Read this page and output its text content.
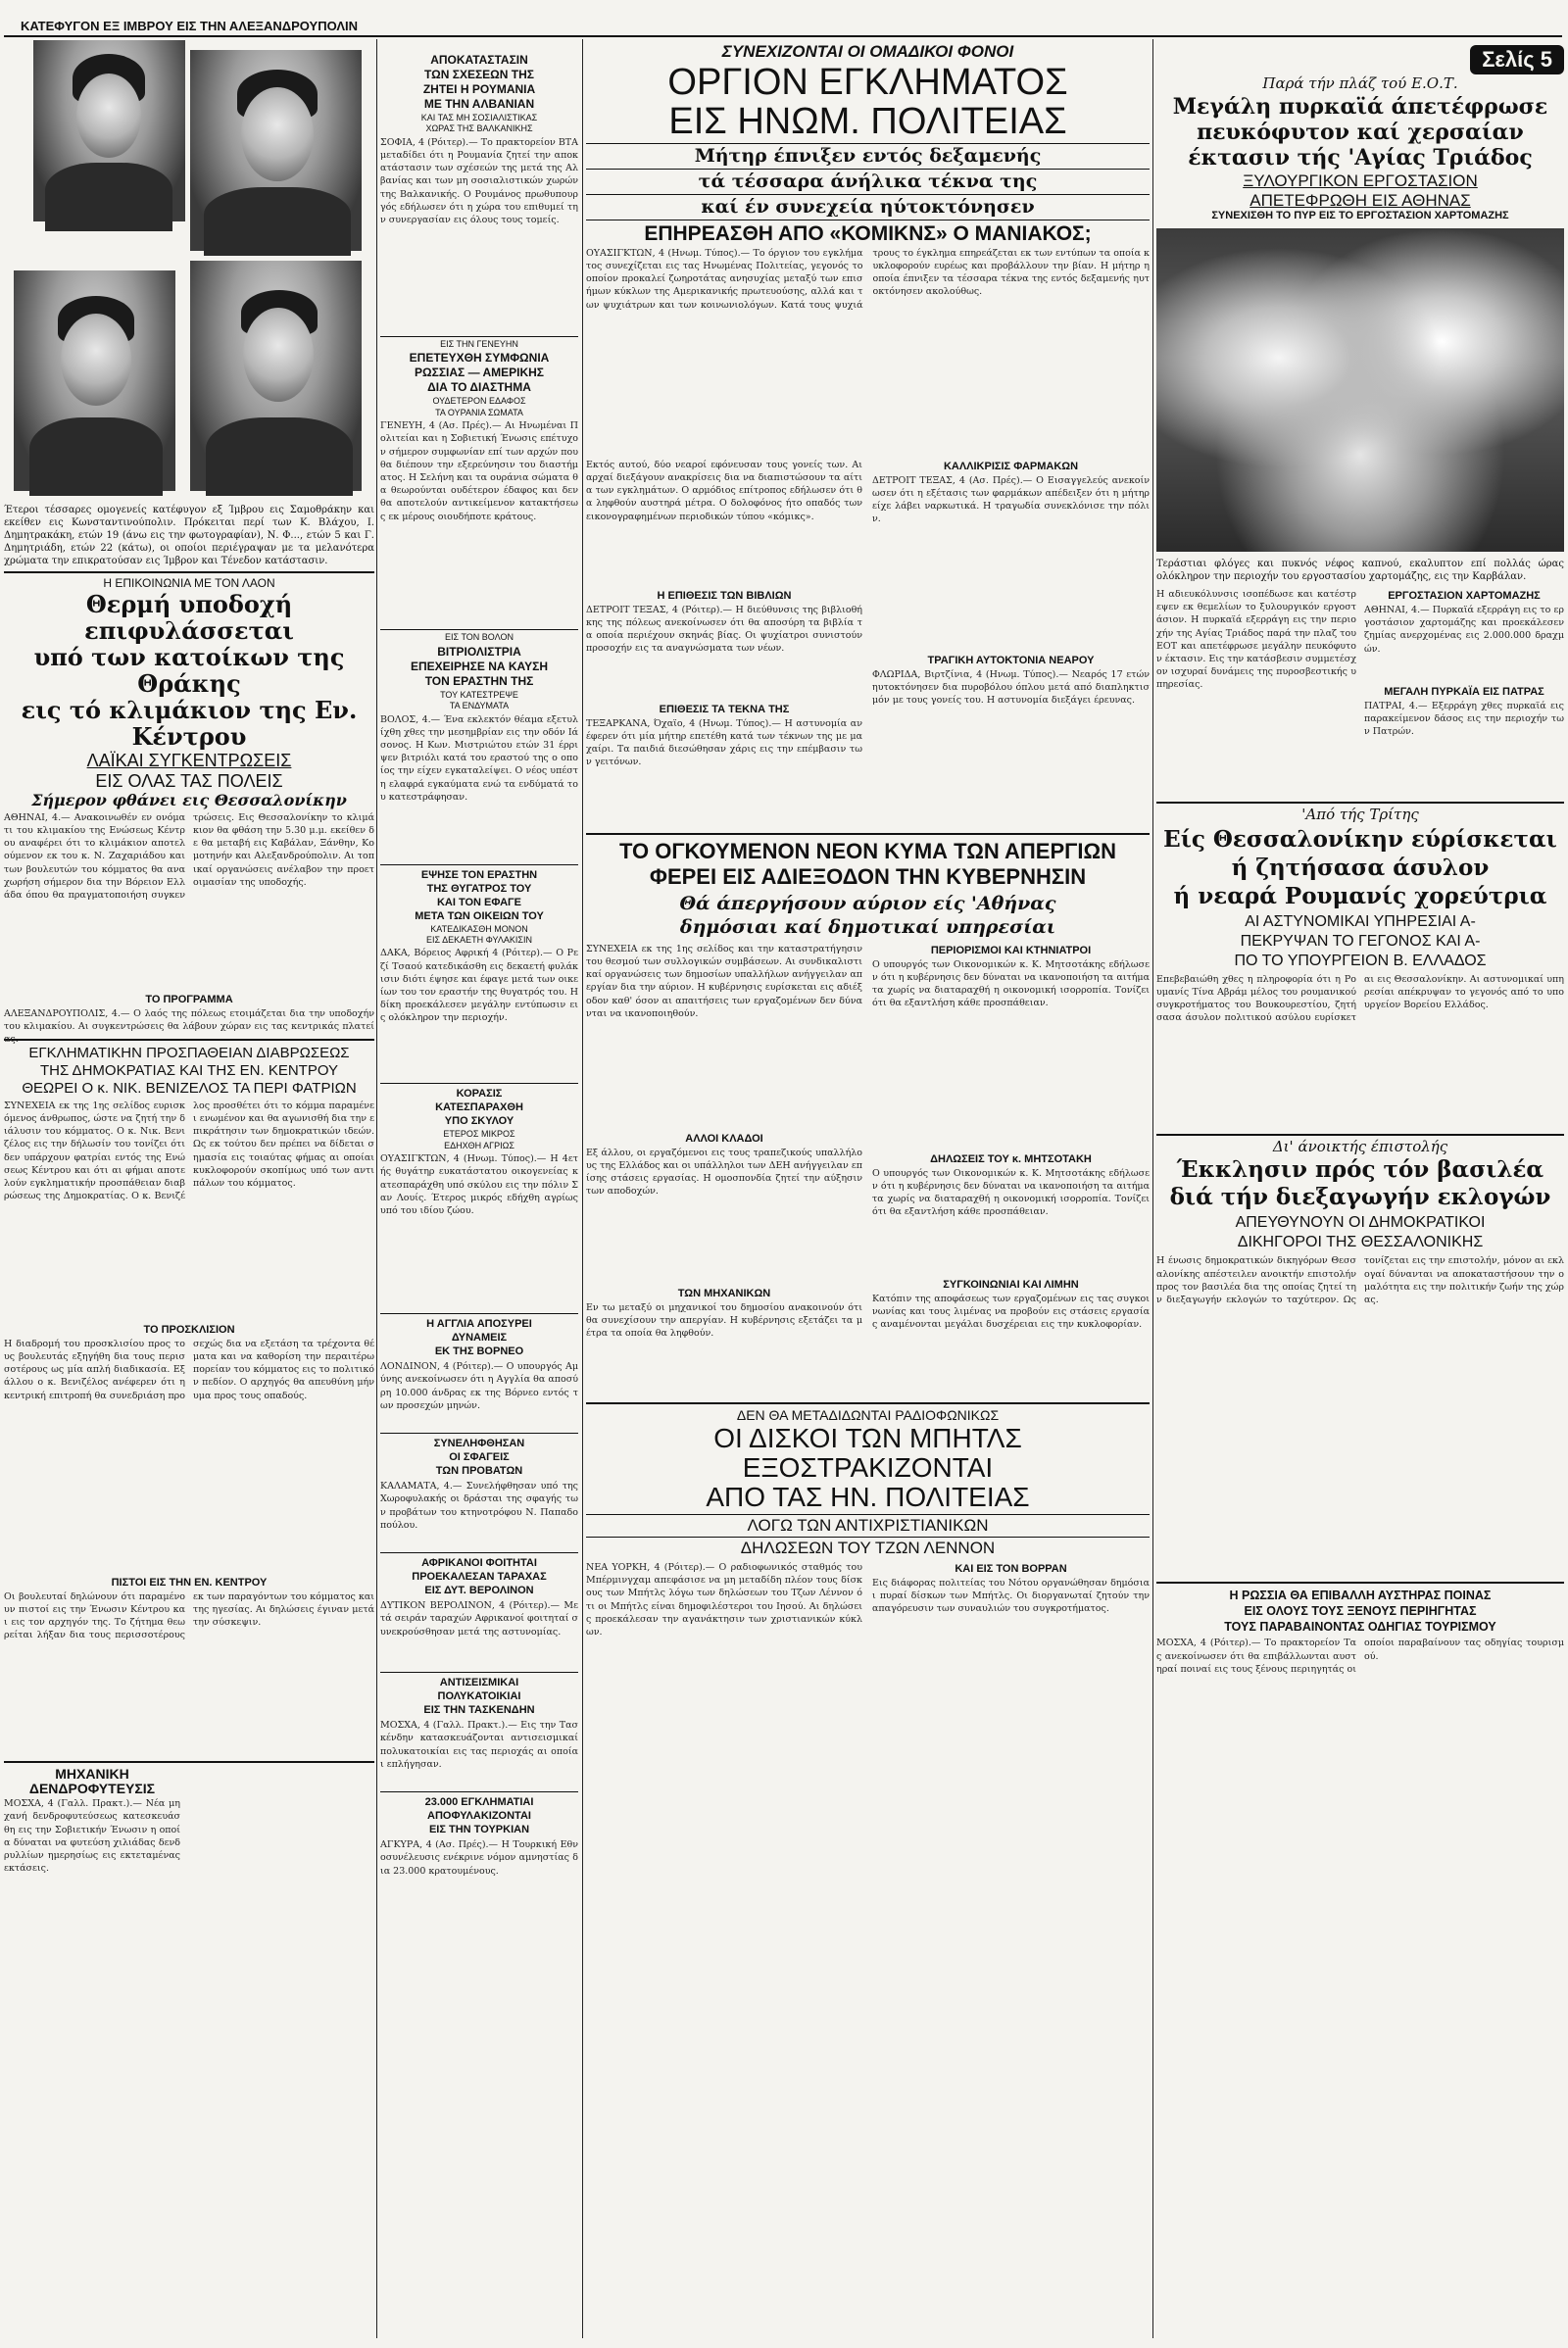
ΚΑΤΕΦΥΓΟΝ ΕΞ ΙΜΒΡΟΥ ΕΙΣ ΤΗΝ ΑΛΕΞΑΝΔΡΟΥΠΟΛΙΝ
Έτεροι τέσσαρες ομογενείς κατέφυγον εξ Ίμβρου εις Σαμοθράκην και εκείθεν εις Κωνσταντινούπολιν. Πρόκειται περί των Κ. Βλάχου, Ι. Δημητρακάκη, ετών 19 (άνω εις την φωτογραφίαν), Ν. Φ..., ετών 5 και Γ. Δημητριάδη, ετών 22 (κάτω), οι οποίοι περιέγραψαν με τα μελανότερα χρώματα την επικρατούσαν εις Ίμβρον και Τένεδον κατάστασιν.
Η ΕΠΙΚΟΙΝΩΝΙΑ ΜΕ ΤΟΝ ΛΑΟΝ
Θερμή υποδοχή επιφυλάσσεται
υπό των κατοίκων της Θράκης
εις τό κλιμάκιον της Εν. Κέντρου
ΛΑΪΚΑΙ ΣΥΓΚΕΝΤΡΩΣΕΙΣ
ΕΙΣ ΟΛΑΣ ΤΑΣ ΠΟΛΕΙΣ
Σήμερον φθάνει εις Θεσσαλονίκην
ΑΘΗΝΑΙ, 4.— Ανακοινωθέν εν ονόματι του κλιμακίου της Ενώσεως Κέντρου αναφέρει ότι το κλιμάκιον αποτελούμενον εκ του κ. Ν. Ζαχαριάδου και των βουλευτών του κόμματος θα αναχωρήση σήμερον δια την Βόρειον Ελλάδα όπου θα πραγματοποιήση συγκεντρώσεις. Εις Θεσσαλονίκην το κλιμάκιον θα φθάση την 5.30 μ.μ. εκείθεν δε θα μεταβή εις Καβάλαν, Ξάνθην, Κομοτηνήν και Αλεξανδρούπολιν. Αι τοπικαί οργανώσεις ανέλαβον την προετοιμασίαν της υποδοχής.
ΤΟ ΠΡΟΓΡΑΜΜΑ
ΑΛΕΞΑΝΔΡΟΥΠΟΛΙΣ, 4.— Ο λαός της πόλεως ετοιμάζεται δια την υποδοχήν του κλιμακίου. Αι συγκεντρώσεις θα λάβουν χώραν εις τας κεντρικάς πλατείας.
ΕΓΚΛΗΜΑΤΙΚΗΝ ΠΡΟΣΠΑΘΕΙΑΝ ΔΙΑΒΡΩΣΕΩΣ
ΤΗΣ ΔΗΜΟΚΡΑΤΙΑΣ ΚΑΙ ΤΗΣ ΕΝ. ΚΕΝΤΡΟΥ
ΘΕΩΡΕΙ Ο κ. ΝΙΚ. ΒΕΝΙΖΕΛΟΣ ΤΑ ΠΕΡΙ ΦΑΤΡΙΩΝ
ΣΥΝΕΧΕΙΑ εκ της 1ης σελίδος ευρισκόμενος άνθρωπος, ώστε να ζητή την διάλυσιν του κόμματος. Ο κ. Νικ. Βενιζέλος εις την δήλωσίν του τονίζει ότι δεν υπάρχουν φατρίαι εντός της Ενώσεως Κέντρου και ότι αι φήμαι αποτελούν εγκληματικήν προσπάθειαν διαβρώσεως της Δημοκρατίας. Ο κ. Βενιζέλος προσθέτει ότι το κόμμα παραμένει ενωμένον και θα αγωνισθή δια την επικράτησιν των δημοκρατικών ιδεών. Ως εκ τούτου δεν πρέπει να δίδεται σημασία εις τοιαύτας φήμας αι οποίαι κυκλοφορούν σκοπίμως υπό των αντιπάλων του κόμματος.
ΤΟ ΠΡΟΣΚΛΙΣΙΟΝ
Η διαδρομή του προσκλισίου προς τους βουλευτάς εξηγήθη δια τους περισσοτέρους ως μία απλή διαδικασία. Εξ άλλου ο κ. Βενιζέλος ανέφερεν ότι η κεντρική επιτροπή θα συνεδριάση προσεχώς δια να εξετάση τα τρέχοντα θέματα και να καθορίση την περαιτέρω πορείαν του κόμματος εις το πολιτικόν πεδίον. Ο αρχηγός θα απευθύνη μήνυμα προς τους οπαδούς.
ΠΙΣΤΟΙ ΕΙΣ ΤΗΝ ΕΝ. ΚΕΝΤΡΟΥ
Οι βουλευταί δηλώνουν ότι παραμένουν πιστοί εις την Ένωσιν Κέντρου και εις τον αρχηγόν της. Το ζήτημα θεωρείται λήξαν δια τους περισσοτέρους εκ των παραγόντων του κόμματος και της ηγεσίας. Αι δηλώσεις έγιναν μετά την σύσκεψιν.
ΜΗΧΑΝΙΚΗ
ΔΕΝΔΡΟΦΥΤΕΥΣΙΣ
ΜΟΣΧΑ, 4 (Γαλλ. Πρακτ.).— Νέα μηχανή δενδροφυτεύσεως κατεσκευάσθη εις την Σοβιετικήν Ένωσιν η οποία δύναται να φυτεύση χιλιάδας δενδρυλλίων ημερησίως εις εκτεταμένας εκτάσεις.
ΑΠΟΚΑΤΑΣΤΑΣΙΝ
ΤΩΝ ΣΧΕΣΕΩΝ ΤΗΣ
ΖΗΤΕΙ Η ΡΟΥΜΑΝΙΑ
ΜΕ ΤΗΝ ΑΛΒΑΝΙΑΝ
ΚΑΙ ΤΑΣ ΜΗ ΣΟΣΙΑΛΙΣΤΙΚΑΣ
ΧΩΡΑΣ ΤΗΣ ΒΑΛΚΑΝΙΚΗΣ
ΣΟΦΙΑ, 4 (Ρόιτερ).— Το πρακτορείον ΒΤΑ μεταδίδει ότι η Ρουμανία ζητεί την αποκατάστασιν των σχέσεών της μετά της Αλβανίας και των μη σοσιαλιστικών χωρών της Βαλκανικής. Ο Ρουμάνος πρωθυπουργός εδήλωσεν ότι η χώρα του επιθυμεί την συνεργασίαν εις όλους τους τομείς.
ΕΙΣ ΤΗΝ ΓΕΝΕΥΗΝ
ΕΠΕΤΕΥΧΘΗ ΣΥΜΦΩΝΙΑ
ΡΩΣΣΙΑΣ — ΑΜΕΡΙΚΗΣ
ΔΙΑ ΤΟ ΔΙΑΣΤΗΜΑ
ΟΥΔΕΤΕΡΟΝ ΕΔΑΦΟΣ
ΤΑ ΟΥΡΑΝΙΑ ΣΩΜΑΤΑ
ΓΕΝΕΥΗ, 4 (Ασ. Πρές).— Αι Ηνωμέναι Πολιτείαι και η Σοβιετική Ένωσις επέτυχον σήμερον συμφωνίαν επί των αρχών που θα διέπουν την εξερεύνησιν του διαστήματος. Η Σελήνη και τα ουράνια σώματα θα θεωρούνται ουδέτερον έδαφος και δεν θα αποτελούν αντικείμενον κατακτήσεως εκ μέρους οιουδήποτε κράτους.
ΕΙΣ ΤΟΝ ΒΟΛΟΝ
ΒΙΤΡΙΟΛΙΣΤΡΙΑ
ΕΠΕΧΕΙΡΗΣΕ ΝΑ ΚΑΥΣΗ
ΤΟΝ ΕΡΑΣΤΗΝ ΤΗΣ
ΤΟΥ ΚΑΤΕΣΤΡΕΨΕ
ΤΑ ΕΝΔΥΜΑΤΑ
ΒΟΛΟΣ, 4.— Ένα εκλεκτόν θέαμα εξετυλίχθη χθες την μεσημβρίαν εις την οδόν Ιάσονος. Η Κων. Μιστριώτου ετών 31 έρριψεν βιτριόλι κατά του εραστού της ο οποίος την είχεν εγκαταλείψει. Ο νέος υπέστη ελαφρά εγκαύματα ενώ τα ενδύματά του κατεστράφησαν.
ΕΨΗΣΕ ΤΟΝ ΕΡΑΣΤΗΝ
ΤΗΣ ΘΥΓΑΤΡΟΣ ΤΟΥ
ΚΑΙ ΤΟΝ ΕΦΑΓΕ
ΜΕΤΑ ΤΩΝ ΟΙΚΕΙΩΝ ΤΟΥ
ΚΑΤΕΔΙΚΑΣΘΗ ΜΟΝΟΝ
ΕΙΣ ΔΕΚΑΕΤΗ ΦΥΛΑΚΙΣΙΝ
ΔΑΚΑ, Βόρειος Αφρική 4 (Ρόιτερ).— Ο Ρεζί Τσαού κατεδικάσθη εις δεκαετή φυλάκισιν διότι έψησε και έφαγε μετά των οικείων του τον εραστήν της θυγατρός του. Η δίκη προεκάλεσεν μεγάλην εντύπωσιν εις ολόκληρον την περιοχήν.
ΚΟΡΑΣΙΣ
ΚΑΤΕΣΠΑΡΑΧΘΗ
ΥΠΟ ΣΚΥΛΟΥ
ΕΤΕΡΟΣ ΜΙΚΡΟΣ
ΕΔΗΧΘΗ ΑΓΡΙΩΣ
ΟΥΑΣΙΓΚΤΩΝ, 4 (Ηνωμ. Τύπος).— Η 4ετής θυγάτηρ ευκατάστατου οικογενείας κατεσπαράχθη υπό σκύλου εις την πόλιν Σαν Λουίς. Έτερος μικρός εδήχθη αγρίως υπό του ιδίου ζώου.
Η ΑΓΓΛΙΑ ΑΠΟΣΥΡΕΙ
ΔΥΝΑΜΕΙΣ
ΕΚ ΤΗΣ ΒΟΡΝΕΟ
ΛΟΝΔΙΝΟΝ, 4 (Ρόιτερ).— Ο υπουργός Αμύνης ανεκοίνωσεν ότι η Αγγλία θα αποσύρη 10.000 άνδρας εκ της Βόρνεο εντός των προσεχών μηνών.
ΣΥΝΕΛΗΦΘΗΣΑΝ
ΟΙ ΣΦΑΓΕΙΣ
ΤΩΝ ΠΡΟΒΑΤΩΝ
ΚΑΛΑΜΑΤΑ, 4.— Συνελήφθησαν υπό της Χωροφυλακής οι δράσται της σφαγής των προβάτων του κτηνοτρόφου Ν. Παπαδοπούλου.
ΑΦΡΙΚΑΝΟΙ ΦΟΙΤΗΤΑΙ
ΠΡΟΕΚΑΛΕΣΑΝ ΤΑΡΑΧΑΣ
ΕΙΣ ΔΥΤ. ΒΕΡΟΛΙΝΟΝ
ΔΥΤΙΚΟΝ ΒΕΡΟΛΙΝΟΝ, 4 (Ρόιτερ).— Μετά σειράν ταραχών Αφρικανοί φοιτηταί συνεκρούσθησαν μετά της αστυνομίας.
ΑΝΤΙΣΕΙΣΜΙΚΑΙ
ΠΟΛΥΚΑΤΟΙΚΙΑΙ
ΕΙΣ ΤΗΝ ΤΑΣΚΕΝΔΗΝ
ΜΟΣΧΑ, 4 (Γαλλ. Πρακτ.).— Εις την Τασκένδην κατασκευάζονται αντισεισμικαί πολυκατοικίαι εις τας περιοχάς αι οποίαι επλήγησαν.
23.000 ΕΓΚΛΗΜΑΤΙΑΙ
ΑΠΟΦΥΛΑΚΙΖΟΝΤΑΙ
ΕΙΣ ΤΗΝ ΤΟΥΡΚΙΑΝ
ΑΓΚΥΡΑ, 4 (Ασ. Πρές).— Η Τουρκική Εθνοσυνέλευσις ενέκρινε νόμον αμνηστίας δια 23.000 κρατουμένους.
ΣΥΝΕΧΙΖΟΝΤΑΙ ΟΙ ΟΜΑΔΙΚΟΙ ΦΟΝΟΙ
ΟΡΓΙΟΝ ΕΓΚΛΗΜΑΤΟΣ
ΕΙΣ ΗΝΩΜ. ΠΟΛΙΤΕΙΑΣ
Μήτηρ έπνιξεν εντός δεξαμενής
τά τέσσαρα άνήλικα τέκνα της
καί έν συνεχεία ηύτοκτόνησεν
ΕΠΗΡΕΑΣΘΗ ΑΠΟ «ΚΟΜΙΚΝΣ» Ο ΜΑΝΙΑΚΟΣ;
ΟΥΑΣΙΓΚΤΩΝ, 4 (Ηνωμ. Τύπος).— Το όργιον του εγκλήματος συνεχίζεται εις τας Ηνωμένας Πολιτείας, γεγονός το οποίον προκαλεί ζωηροτάτας ανησυχίας μεταξύ των επισήμων κύκλων της Αμερικανικής πρωτευούσης, αλλά και των ψυχιάτρων και των κοινωνιολόγων. Κατά τους ψυχιάτρους το έγκλημα επηρεάζεται εκ των εντύπων τα οποία κυκλοφορούν ευρέως και προβάλλουν την βίαν. Η μήτηρ η οποία έπνιξεν τα τέσσαρα τέκνα της εντός δεξαμενής ηυτοκτόνησεν ακολούθως.
Εκτός αυτού, δύο νεαροί εφόνευσαν τους γονείς των. Αι αρχαί διεξάγουν ανακρίσεις δια να διαπιστώσουν τα αίτια των εγκλημάτων. Ο αρμόδιος επίτροπος εδήλωσεν ότι θα ληφθούν αυστηρά μέτρα. Ο δολοφόνος ήτο οπαδός των εικονογραφημένων περιοδικών τύπου «κόμικς».
Η ΕΠΙΘΕΣΙΣ ΤΩΝ ΒΙΒΛΙΩΝ
ΔΕΤΡΟΙΤ ΤΕΞΑΣ, 4 (Ρόιτερ).— Η διεύθυνσις της βιβλιοθήκης της πόλεως ανεκοίνωσεν ότι θα αποσύρη τα βιβλία τα οποία περιέχουν σκηνάς βίας. Οι ψυχίατροι συνιστούν προσοχήν εις τα αναγνώσματα των νέων.
ΕΠΙΘΕΣΙΣ ΤΑ ΤΕΚΝΑ ΤΗΣ
ΤΕΞΑΡΚΑΝΑ, Όχαϊο, 4 (Ηνωμ. Τύπος).— Η αστυνομία ανέφερεν ότι μία μήτηρ επετέθη κατά των τέκνων της με μαχαίρι. Τα παιδιά διεσώθησαν χάρις εις την επέμβασιν των γειτόνων.
ΚΑΛΛΙΚΡΙΣΙΣ ΦΑΡΜΑΚΩΝ
ΔΕΤΡΟΙΤ ΤΕΞΑΣ, 4 (Ασ. Πρές).— Ο Εισαγγελεύς ανεκοίνωσεν ότι η εξέτασις των φαρμάκων απέδειξεν ότι η μήτηρ είχε λάβει ναρκωτικά. Η τραγωδία συνεκλόνισε την πόλιν.
ΤΡΑΓΙΚΗ ΑΥΤΟΚΤΟΝΙΑ ΝΕΑΡΟΥ
ΦΛΩΡΙΔΑ, Βιρτζίνια, 4 (Ηνωμ. Τύπος).— Νεαρός 17 ετών ηυτοκτόνησεν δια πυροβόλου όπλου μετά από διαπληκτισμόν με τους γονείς του. Η αστυνομία διεξάγει έρευνας.
ΤΟ ΟΓΚΟΥΜΕΝΟΝ ΝΕΟΝ ΚΥΜΑ ΤΩΝ ΑΠΕΡΓΙΩΝ
ΦΕΡΕΙ ΕΙΣ ΑΔΙΕΞΟΔΟΝ ΤΗΝ ΚΥΒΕΡΝΗΣΙΝ
Θά άπεργήσουν αύριον είς 'Αθήνας
δημόσιαι καί δημοτικαί υπηρεσίαι
ΣΥΝΕΧΕΙΑ εκ της 1ης σελίδος και την καταστρατήγησιν του θεσμού των συλλογικών συμβάσεων. Αι συνδικαλιστικαί οργανώσεις των δημοσίων υπαλλήλων ανήγγειλαν απεργίαν δια την αύριον. Η κυβέρνησις ευρίσκεται εις αδιέξοδον καθ' όσον αι απαιτήσεις των εργαζομένων δεν δύνανται να ικανοποιηθούν.
ΑΛΛΟΙ ΚΛΑΔΟΙ
Εξ άλλου, οι εργαζόμενοι εις τους τραπεζικούς υπαλλήλους της Ελλάδος και οι υπάλληλοι των ΔΕΗ ανήγγειλαν επίσης στάσεις εργασίας. Η ομοσπονδία ζητεί την αύξησιν των αποδοχών.
ΤΩΝ ΜΗΧΑΝΙΚΩΝ
Εν τω μεταξύ οι μηχανικοί του δημοσίου ανακοινούν ότι θα συνεχίσουν την απεργίαν. Η κυβέρνησις εξετάζει τα μέτρα τα οποία θα ληφθούν.
ΠΕΡΙΟΡΙΣΜΟΙ ΚΑΙ ΚΤΗΝΙΑΤΡΟΙ
Ο υπουργός των Οικονομικών κ. Κ. Μητσοτάκης εδήλωσεν ότι η κυβέρνησις δεν δύναται να ικανοποιήση τα αιτήματα χωρίς να διαταραχθή η οικονομική ισορροπία. Τονίζει ότι θα εξαντλήση κάθε προσπάθειαν.
ΔΗΛΩΣΕΙΣ ΤΟΥ κ. ΜΗΤΣΟΤΑΚΗ
Ο υπουργός των Οικονομικών κ. Κ. Μητσοτάκης εδήλωσεν ότι η κυβέρνησις δεν δύναται να ικανοποιήση τα αιτήματα χωρίς να διαταραχθή η οικονομική ισορροπία. Τονίζει ότι θα εξαντλήση κάθε προσπάθειαν.
ΣΥΓΚΟΙΝΩΝΙΑΙ ΚΑΙ ΛΙΜΗΝ
Κατόπιν της αποφάσεως των εργαζομένων εις τας συγκοινωνίας και τους λιμένας να προβούν εις στάσεις εργασίας αναμένονται μεγάλαι δυσχέρειαι εις την κυκλοφορίαν.
ΔΕΝ ΘΑ ΜΕΤΑΔΙΔΩΝΤΑΙ ΡΑΔΙΟΦΩΝΙΚΩΣ
ΟΙ ΔΙΣΚΟΙ ΤΩΝ ΜΠΗΤΛΣ
ΕΞΟΣΤΡΑΚΙΖΟΝΤΑΙ
ΑΠΟ ΤΑΣ ΗΝ. ΠΟΛΙΤΕΙΑΣ
ΛΟΓΩ ΤΩΝ ΑΝΤΙΧΡΙΣΤΙΑΝΙΚΩΝ
ΔΗΛΩΣΕΩΝ ΤΟΥ ΤΖΩΝ ΛΕΝΝΟΝ
ΝΕΑ ΥΟΡΚΗ, 4 (Ρόιτερ).— Ο ραδιοφωνικός σταθμός του Μπέρμινγχαμ απεφάσισε να μη μεταδίδη πλέον τους δίσκους των Μπήτλς λόγω των δηλώσεων του Τζων Λέννον ότι οι Μπήτλς είναι δημοφιλέστεροι του Ιησού. Αι δηλώσεις προεκάλεσαν την αγανάκτησιν των χριστιανικών κύκλων.
ΚΑΙ ΕΙΣ ΤΟΝ ΒΟΡΡΑΝ
Εις διάφορας πολιτείας του Νότου οργανώθησαν δημόσιαι πυραί δίσκων των Μπήτλς. Οι διοργανωταί ζητούν την απαγόρευσιν των συναυλιών του συγκροτήματος.
Σελίς 5
Παρά τήν πλάζ τού Ε.Ο.Τ.
Μεγάλη πυρκαϊά άπετέφρωσε
πευκόφυτον καί χερσαίαν
έκτασιν τής 'Αγίας Τριάδος
ΞΥΛΟΥΡΓΙΚΟΝ ΕΡΓΟΣΤΑΣΙΟΝ
ΑΠΕΤΕΦΡΩΘΗ ΕΙΣ ΑΘΗΝΑΣ
ΣΥΝΕΧΙΣΘΗ ΤΟ ΠΥΡ ΕΙΣ ΤΟ ΕΡΓΟΣΤΑΣΙΟΝ ΧΑΡΤΟΜΑΖΗΣ
Τεράστιαι φλόγες και πυκνός νέφος καπνού, εκαλυπτον επί πολλάς ώρας ολόκληρον την περιοχήν του εργοστασίου χαρτομάζης, εις την Καρβάλαν.
Η αδιευκόλυνσις ισοπέδωσε και κατέστρεψεν εκ θεμελίων το ξυλουργικόν εργοστάσιον. Η πυρκαϊά εξερράγη εις την περιοχήν της Αγίας Τριάδος παρά την πλαζ του ΕΟΤ και απετέφρωσε μεγάλην πευκόφυτον έκτασιν. Εις την κατάσβεσιν συμμετέσχον ισχυραί δυνάμεις της πυροσβεστικής υπηρεσίας.
ΕΡΓΟΣΤΑΣΙΟΝ ΧΑΡΤΟΜΑΖΗΣ
ΑΘΗΝΑΙ, 4.— Πυρκαϊά εξερράγη εις το εργοστάσιον χαρτομάζης και προεκάλεσεν ζημίας ανερχομένας εις 2.000.000 δραχμών.
ΜΕΓΑΛΗ ΠΥΡΚΑΪΑ ΕΙΣ ΠΑΤΡΑΣ
ΠΑΤΡΑΙ, 4.— Εξερράγη χθες πυρκαϊά εις παρακείμενον δάσος εις την περιοχήν των Πατρών.
'Από τής Τρίτης
Είς Θεσσαλονίκην εύρίσκεται
ή ζητήσασα άσυλον
ή νεαρά Ρουμανίς χορεύτρια
ΑΙ ΑΣΤΥΝΟΜΙΚΑΙ ΥΠΗΡΕΣΙΑΙ Α-
ΠΕΚΡΥΨΑΝ ΤΟ ΓΕΓΟΝΟΣ ΚΑΙ Α-
ΠΟ ΤΟ ΥΠΟΥΡΓΕΙΟΝ Β. ΕΛΛΑΔΟΣ
Επεβεβαιώθη χθες η πληροφορία ότι η Ρουμανίς Τίνα Αβράμ μέλος του ρουμανικού συγκροτήματος του Βουκουρεστίου, ζητήσασα άσυλον πολιτικού ασύλου ευρίσκεται εις Θεσσαλονίκην. Αι αστυνομικαί υπηρεσίαι απέκρυψαν το γεγονός από το υπουργείον Βορείου Ελλάδος.
Δι' άνοικτής έπιστολής
Έκκλησιν πρός τόν βασιλέα
διά τήν διεξαγωγήν εκλογών
ΑΠΕΥΘΥΝΟΥΝ ΟΙ ΔΗΜΟΚΡΑΤΙΚΟΙ
ΔΙΚΗΓΟΡΟΙ ΤΗΣ ΘΕΣΣΑΛΟΝΙΚΗΣ
Η ένωσις δημοκρατικών δικηγόρων Θεσσαλονίκης απέστειλεν ανοικτήν επιστολήν προς τον βασιλέα δια της οποίας ζητεί την διεξαγωγήν εκλογών το ταχύτερον. Ως τονίζεται εις την επιστολήν, μόνον αι εκλογαί δύνανται να αποκαταστήσουν την ομαλότητα εις την πολιτικήν ζωήν της χώρας.
Η ΡΩΣΣΙΑ ΘΑ ΕΠΙΒΑΛΛΗ ΑΥΣΤΗΡΑΣ ΠΟΙΝΑΣ
ΕΙΣ ΟΛΟΥΣ ΤΟΥΣ ΞΕΝΟΥΣ ΠΕΡΙΗΓΗΤΑΣ
ΤΟΥΣ ΠΑΡΑΒΑΙΝΟΝΤΑΣ ΟΔΗΓΙΑΣ ΤΟΥΡΙΣΜΟΥ
ΜΟΣΧΑ, 4 (Ρόιτερ).— Το πρακτορείον Τας ανεκοίνωσεν ότι θα επιβάλλωνται αυστηραί ποιναί εις τους ξένους περιηγητάς οι οποίοι παραβαίνουν τας οδηγίας τουρισμού.
